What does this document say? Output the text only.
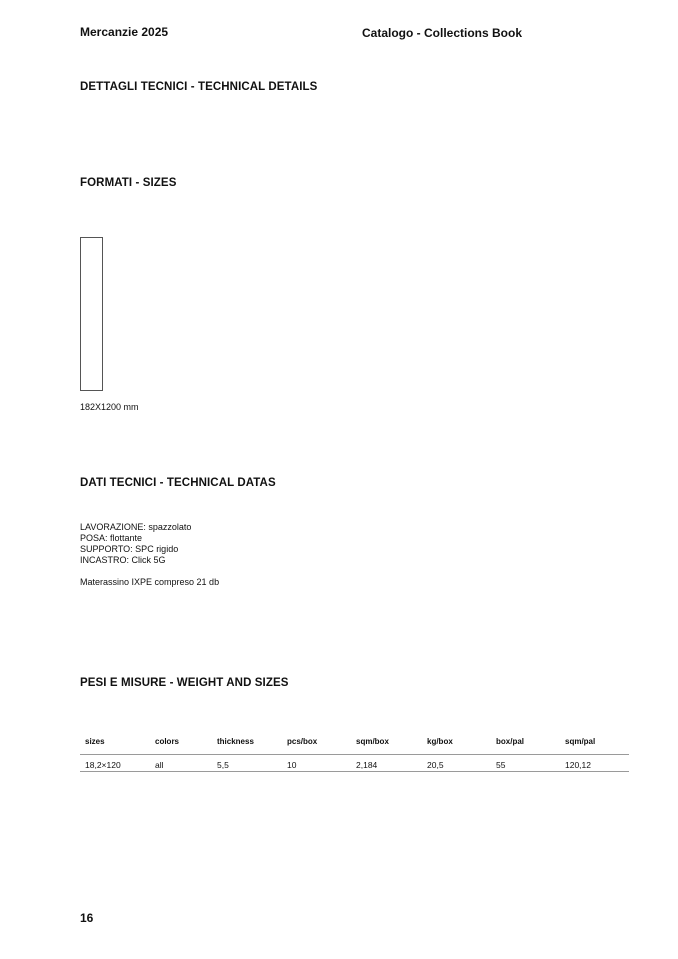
Mercanzie 2025	Catalogo - Collections Book
DETTAGLI TECNICI - TECHNICAL DETAILS
FORMATI - SIZES
182X1200 mm
DATI TECNICI - TECHNICAL DATAS
LAVORAZIONE: spazzolato
POSA: flottante
SUPPORTO: SPC rigido
INCASTRO: Click 5G
Materassino IXPE compreso 21 db
PESI E MISURE - WEIGHT AND SIZES
sizes	colors	thickness	pcs/box	sqm/box	kg/box	box/pal	sqm/pal
18,2×120	all	5,5	10	2,184	20,5	55	120,12
16
